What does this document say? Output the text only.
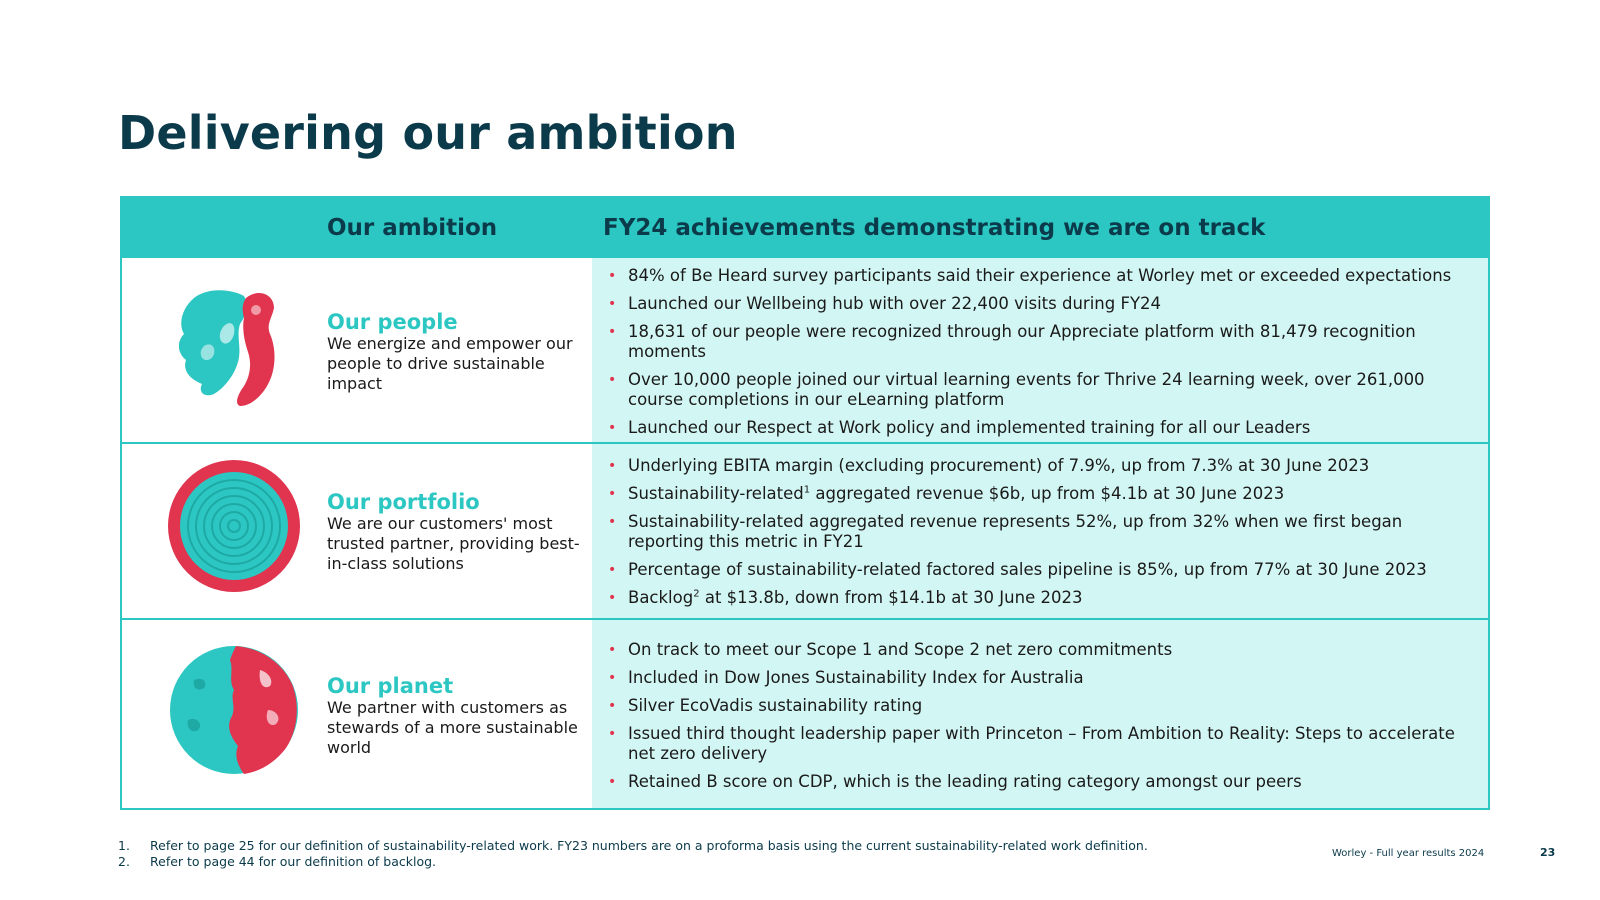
Delivering our ambition
Our ambition	FY24 achievements demonstrating we are on track
Our people
We energize and empower our people to drive sustainable impact
• 84% of Be Heard survey participants said their experience at Worley met or exceeded expectations
• Launched our Wellbeing hub with over 22,400 visits during FY24
• 18,631 of our people were recognized through our Appreciate platform with 81,479 recognition moments
• Over 10,000 people joined our virtual learning events for Thrive 24 learning week, over 261,000 course completions in our eLearning platform
• Launched our Respect at Work policy and implemented training for all our Leaders
Our portfolio
We are our customers' most trusted partner, providing best-in-class solutions
• Underlying EBITA margin (excluding procurement) of 7.9%, up from 7.3% at 30 June 2023
• Sustainability-related$^1$ aggregated revenue $6b, up from $4.1b at 30 June 2023
• Sustainability-related aggregated revenue represents 52%, up from 32% when we first began reporting this metric in FY21
• Percentage of sustainability-related factored sales pipeline is 85%, up from 77% at 30 June 2023
• Backlog$^2$ at $13.8b, down from $14.1b at 30 June 2023
Our planet
We partner with customers as stewards of a more sustainable world
• On track to meet our Scope 1 and Scope 2 net zero commitments
• Included in Dow Jones Sustainability Index for Australia
• Silver EcoVadis sustainability rating
• Issued third thought leadership paper with Princeton – From Ambition to Reality: Steps to accelerate net zero delivery
• Retained B score on CDP, which is the leading rating category amongst our peers
1. Refer to page 25 for our definition of sustainability-related work. FY23 numbers are on a proforma basis using the current sustainability-related work definition.
2. Refer to page 44 for our definition of backlog.
Worley - Full year results 2024	23
